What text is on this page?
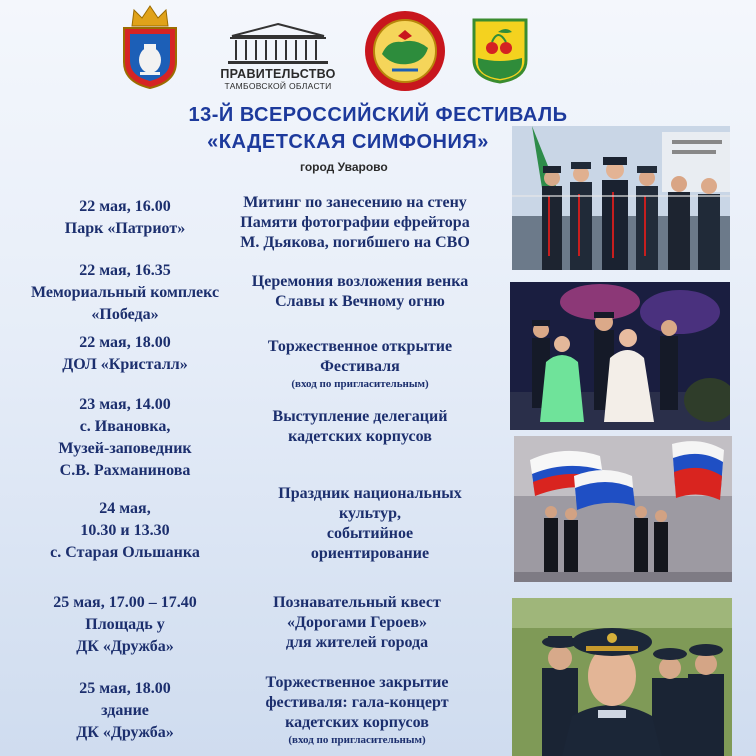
ПРАВИТЕЛЬСТВО
ТАМБОВСКОЙ ОБЛАСТИ
13-Й ВСЕРОССИЙСКИЙ ФЕСТИВАЛЬ
«КАДЕТСКАЯ СИМФОНИЯ»
город Уварово
22 мая, 16.00
Парк «Патриот»
22 мая, 16.35
Мемориальный комплекс
«Победа»
22 мая, 18.00
ДОЛ «Кристалл»
23 мая, 14.00
с. Ивановка,
Музей-заповедник
С.В. Рахманинова
24 мая,
10.30 и 13.30
с. Старая Ольшанка
25 мая, 17.00 – 17.40
Площадь у
ДК «Дружба»
25 мая, 18.00
здание
ДК «Дружба»
Митинг по занесению на стену
Памяти фотографии ефрейтора
М. Дьякова, погибшего на СВО
Церемония возложения венка
Славы к Вечному огню
Торжественное открытие
Фестиваля
(вход по пригласительным)
Выступление делегаций
кадетских корпусов
Праздник национальных
культур,
событийное
ориентирование
Познавательный квест
«Дорогами Героев»
для жителей города
Торжественное закрытие
фестиваля: гала-концерт
кадетских корпусов
(вход по пригласительным)
